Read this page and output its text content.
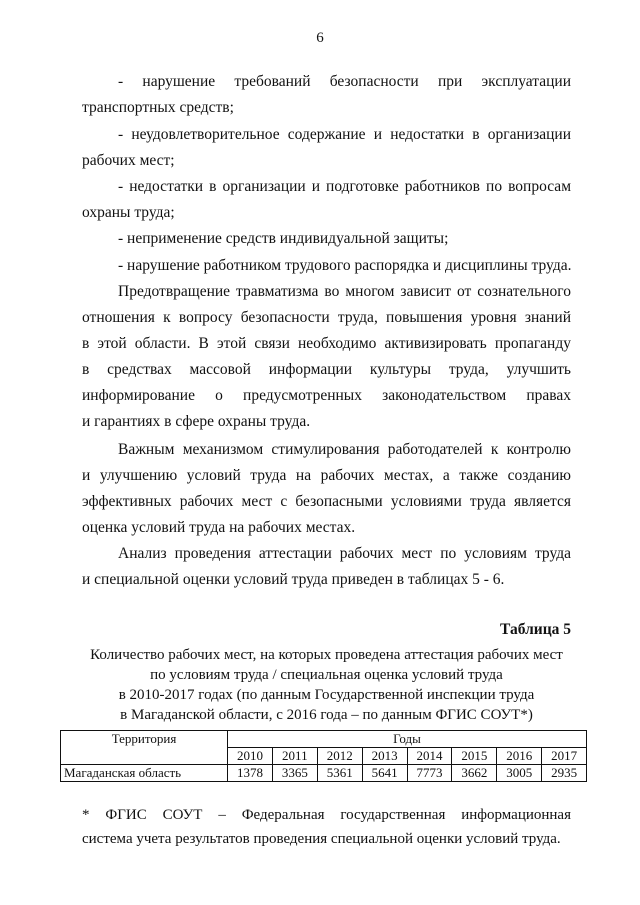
6
- нарушение требований безопасности при эксплуатации
транспортных средств;
- неудовлетворительное содержание и недостатки в организации
рабочих мест;
- недостатки в организации и подготовке работников по вопросам
охраны труда;
- неприменение средств индивидуальной защиты;
- нарушение работником трудового распорядка и дисциплины труда.
Предотвращение травматизма во многом зависит от сознательного
отношения к вопросу безопасности труда, повышения уровня знаний
в этой области. В этой связи необходимо активизировать пропаганду
в средствах массовой информации культуры труда, улучшить
информирование о предусмотренных законодательством правах
и гарантиях в сфере охраны труда.
Важным механизмом стимулирования работодателей к контролю
и улучшению условий труда на рабочих местах, а также созданию
эффективных рабочих мест с безопасными условиями труда является
оценка условий труда на рабочих местах.
Анализ проведения аттестации рабочих мест по условиям труда
и специальной оценки условий труда приведен в таблицах 5 - 6.
Таблица 5
Количество рабочих мест, на которых проведена аттестация рабочих мест
по условиям труда / специальная оценка условий труда
в 2010-2017 годах (по данным Государственной инспекции труда
в Магаданской области, с 2016 года – по данным ФГИС СОУТ*)
Территория	Годы							
	2010	2011	2012	2013	2014	2015	2016	2017
Магаданская область	1378	3365	5361	5641	7773	3662	3005	2935
* ФГИС СОУТ – Федеральная государственная информационная
система учета результатов проведения специальной оценки условий труда.
